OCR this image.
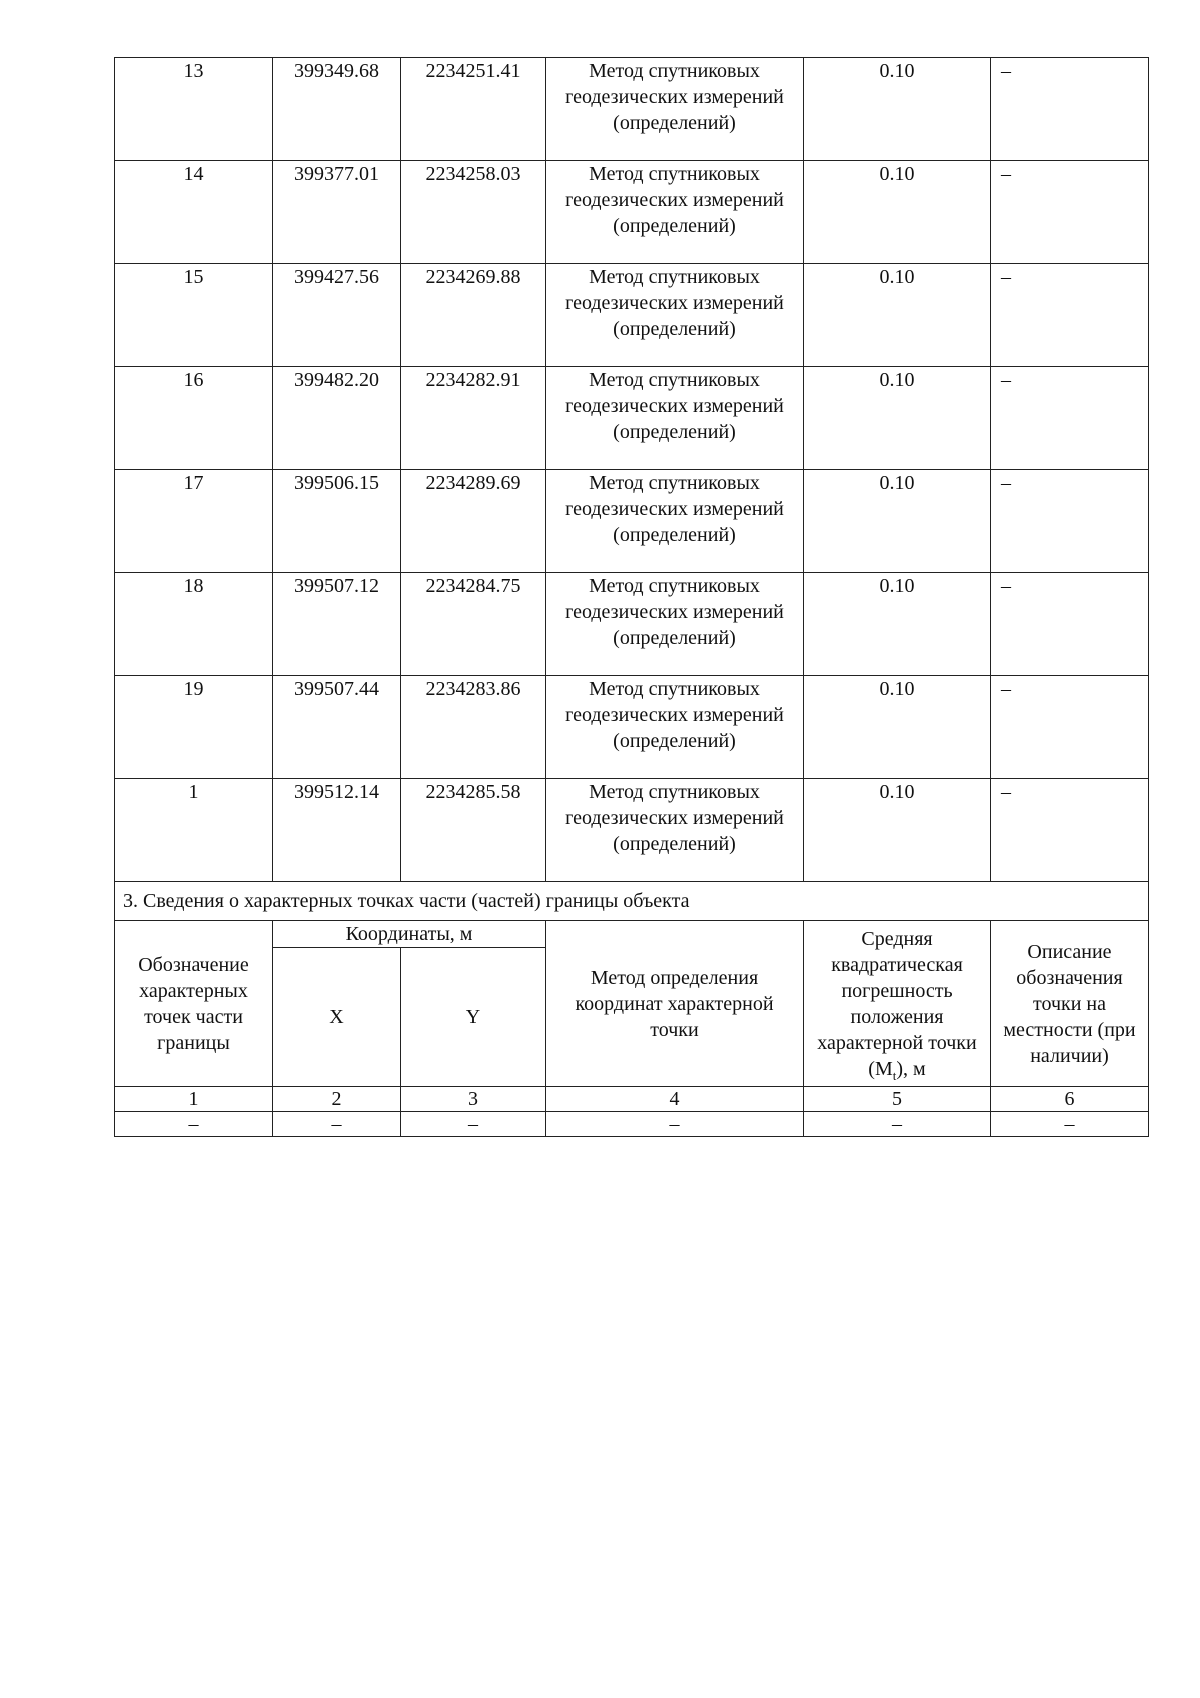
13	399349.68	2234251.41	Метод спутниковых геодезических измерений (определений)	0.10	–
14	399377.01	2234258.03	Метод спутниковых геодезических измерений (определений)	0.10	–
15	399427.56	2234269.88	Метод спутниковых геодезических измерений (определений)	0.10	–
16	399482.20	2234282.91	Метод спутниковых геодезических измерений (определений)	0.10	–
17	399506.15	2234289.69	Метод спутниковых геодезических измерений (определений)	0.10	–
18	399507.12	2234284.75	Метод спутниковых геодезических измерений (определений)	0.10	–
19	399507.44	2234283.86	Метод спутниковых геодезических измерений (определений)	0.10	–
1	399512.14	2234285.58	Метод спутниковых геодезических измерений (определений)	0.10	–
3. Сведения о характерных точках части (частей) границы объекта					
Обозначение характерных точек части границы	Координаты, м		Метод определения координат характерной точки	Средняя квадратическая погрешность положения характерной точки $(M_t)$, м	Описание обозначения точки на местности (при наличии)
	X	Y			
1	2	3	4	5	6
–	–	–	–	–	–
